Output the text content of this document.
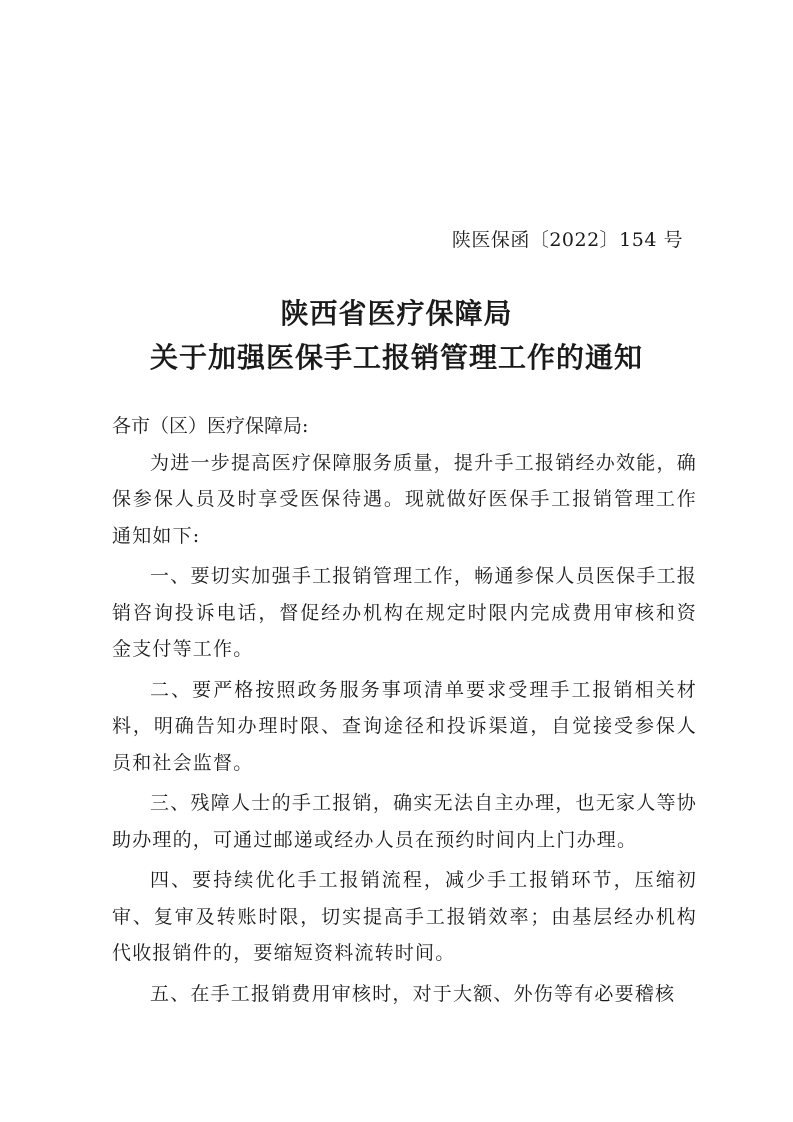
陕医保函〔2022〕154 号
陕西省医疗保障局
关于加强医保手工报销管理工作的通知

各市（区）医疗保障局:

为进一步提高医疗保障服务质量，提升手工报销经办效能，确保参保人员及时享受医保待遇。现就做好医保手工报销管理工作通知如下:

一、要切实加强手工报销管理工作，畅通参保人员医保手工报销咨询投诉电话，督促经办机构在规定时限内完成费用审核和资金支付等工作。

二、要严格按照政务服务事项清单要求受理手工报销相关材料，明确告知办理时限、查询途径和投诉渠道，自觉接受参保人员和社会监督。

三、残障人士的手工报销，确实无法自主办理，也无家人等协助办理的，可通过邮递或经办人员在预约时间内上门办理。

四、要持续优化手工报销流程，减少手工报销环节，压缩初审、复审及转账时限，切实提高手工报销效率；由基层经办机构代收报销件的，要缩短资料流转时间。

五、在手工报销费用审核时，对于大额、外伤等有必要稽核
